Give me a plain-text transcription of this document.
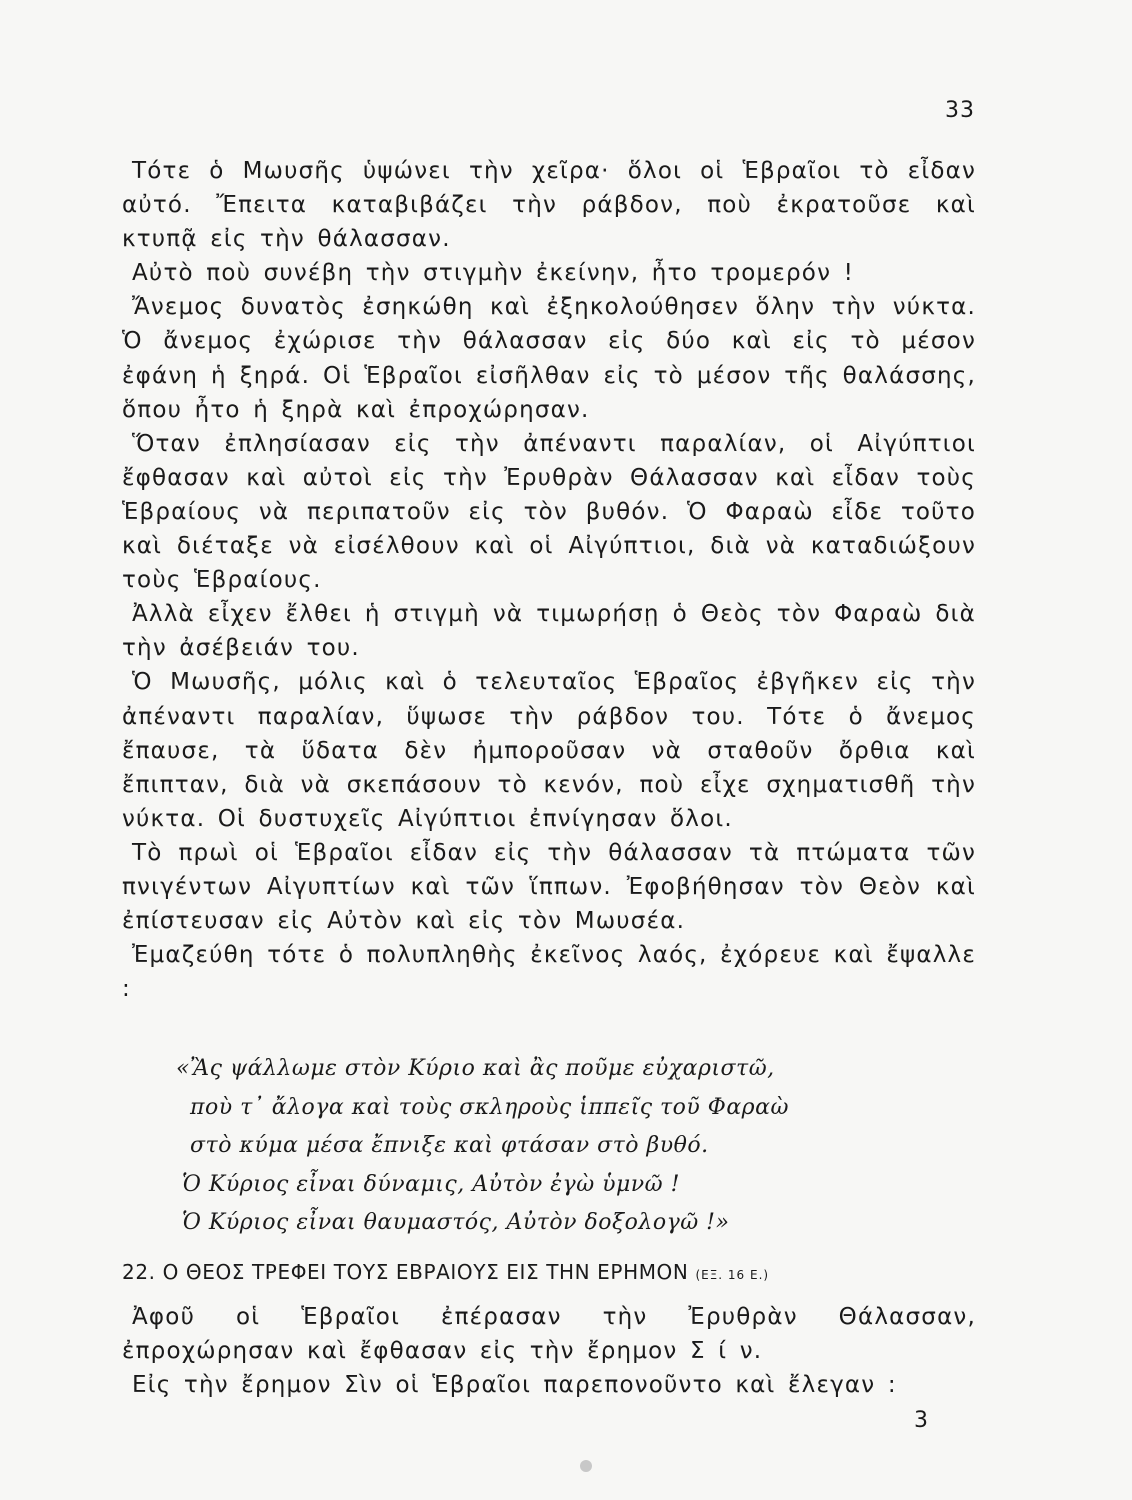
33

Τότε ὁ Μωυσῆς ὑψώνει τὴν χεῖρα· ὅλοι οἱ Ἑβραῖοι τὸ εἶδαν αὐτό. Ἔπειτα καταβιβάζει τὴν ράβδον, ποὺ ἐκρατοῦσε καὶ κτυπᾷ εἰς τὴν θάλασσαν.

Αὐτὸ ποὺ συνέβη τὴν στιγμὴν ἐκείνην, ἦτο τρομερόν !

Ἄνεμος δυνατὸς ἐσηκώθη καὶ ἐξηκολούθησεν ὅλην τὴν νύκτα. Ὁ ἄνεμος ἐχώρισε τὴν θάλασσαν εἰς δύο καὶ εἰς τὸ μέσον ἐφάνη ἡ ξηρά. Οἱ Ἑβραῖοι εἰσῆλθαν εἰς τὸ μέσον τῆς θαλάσσης, ὅπου ἦτο ἡ ξηρὰ καὶ ἐπροχώρησαν.

Ὅταν ἐπλησίασαν εἰς τὴν ἀπέναντι παραλίαν, οἱ Αἰγύπτιοι ἔφθασαν καὶ αὐτοὶ εἰς τὴν Ἐρυθρὰν Θάλασσαν καὶ εἶδαν τοὺς Ἑβραίους νὰ περιπατοῦν εἰς τὸν βυθόν. Ὁ Φαραὼ εἶδε τοῦτο καὶ διέταξε νὰ εἰσέλθουν καὶ οἱ Αἰγύπτιοι, διὰ νὰ καταδιώξουν τοὺς Ἑβραίους.

Ἀλλὰ εἶχεν ἔλθει ἡ στιγμὴ νὰ τιμωρήσῃ ὁ Θεὸς τὸν Φαραὼ διὰ τὴν ἀσέβειάν του.

Ὁ Μωυσῆς, μόλις καὶ ὁ τελευταῖος Ἑβραῖος ἐβγῆκεν εἰς τὴν ἀπέναντι παραλίαν, ὕψωσε τὴν ράβδον του. Τότε ὁ ἄνεμος ἔπαυσε, τὰ ὕδατα δὲν ἠμποροῦσαν νὰ σταθοῦν ὄρθια καὶ ἔπιπταν, διὰ νὰ σκεπάσουν τὸ κενόν, ποὺ εἶχε σχηματισθῆ τὴν νύκτα. Οἱ δυστυχεῖς Αἰγύπτιοι ἐπνίγησαν ὅλοι.

Τὸ πρωὶ οἱ Ἑβραῖοι εἶδαν εἰς τὴν θάλασσαν τὰ πτώματα τῶν πνιγέντων Αἰγυπτίων καὶ τῶν ἵππων. Ἐφοβήθησαν τὸν Θεὸν καὶ ἐπίστευσαν εἰς Αὐτὸν καὶ εἰς τὸν Μωυσέα.

Ἐμαζεύθη τότε ὁ πολυπληθὴς ἐκεῖνος λαός, ἐχόρευε καὶ ἔψαλλε :

«Ἂς ψάλλωμε στὸν Κύριο καὶ ἂς ποῦμε εὐχαριστῶ,
ποὺ τ᾿ ἄλογα καὶ τοὺς σκληροὺς ἱππεῖς τοῦ Φαραὼ
στὸ κύμα μέσα ἔπνιξε καὶ φτάσαν στὸ βυθό.
Ὁ Κύριος εἶναι δύναμις, Αὐτὸν ἐγὼ ὑμνῶ !
Ὁ Κύριος εἶναι θαυμαστός, Αὐτὸν δοξολογῶ !»
22. Ο ΘΕΟΣ ΤΡΕΦΕΙ ΤΟΥΣ ΕΒΡΑΙΟΥΣ ΕΙΣ ΤΗΝ ΕΡΗΜΟΝ (ΕΞ. 16 Ε.)

Ἀφοῦ οἱ Ἑβραῖοι ἐπέρασαν τὴν Ἐρυθρὰν Θάλασσαν, ἐπροχώρησαν καὶ ἔφθασαν εἰς τὴν ἔρημον Σ ί ν.

Εἰς τὴν ἔρημον Σὶν οἱ Ἑβραῖοι παρεπονοῦντο καὶ ἔλεγαν :

3
